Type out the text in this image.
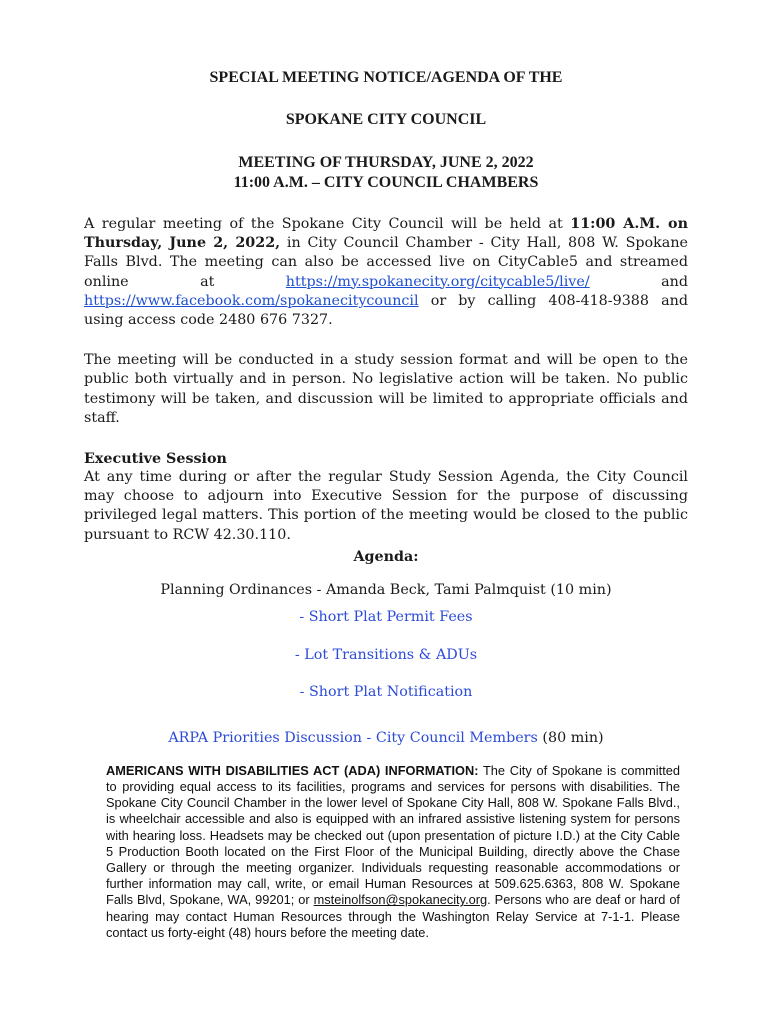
SPECIAL MEETING NOTICE/AGENDA OF THE

SPOKANE CITY COUNCIL

MEETING OF THURSDAY, JUNE 2, 2022

11:00 A.M. – CITY COUNCIL CHAMBERS

A regular meeting of the Spokane City Council will be held at 11:00 A.M. on Thursday, June 2, 2022, in City Council Chamber - City Hall, 808 W. Spokane Falls Blvd. The meeting can also be accessed live on CityCable5 and streamed online at https://my.spokanecity.org/citycable5/live/ and https://www.facebook.com/spokanecitycouncil or by calling 408-418-9388 and using access code 2480 676 7327.

The meeting will be conducted in a study session format and will be open to the public both virtually and in person. No legislative action will be taken. No public testimony will be taken, and discussion will be limited to appropriate officials and staff.

Executive Session

At any time during or after the regular Study Session Agenda, the City Council may choose to adjourn into Executive Session for the purpose of discussing privileged legal matters. This portion of the meeting would be closed to the public pursuant to RCW 42.30.110.

Agenda:

Planning Ordinances - Amanda Beck, Tami Palmquist (10 min)

- Short Plat Permit Fees

- Lot Transitions & ADUs

- Short Plat Notification

ARPA Priorities Discussion - City Council Members (80 min)

AMERICANS WITH DISABILITIES ACT (ADA) INFORMATION: The City of Spokane is committed to providing equal access to its facilities, programs and services for persons with disabilities. The Spokane City Council Chamber in the lower level of Spokane City Hall, 808 W. Spokane Falls Blvd., is wheelchair accessible and also is equipped with an infrared assistive listening system for persons with hearing loss. Headsets may be checked out (upon presentation of picture I.D.) at the City Cable 5 Production Booth located on the First Floor of the Municipal Building, directly above the Chase Gallery or through the meeting organizer. Individuals requesting reasonable accommodations or further information may call, write, or email Human Resources at 509.625.6363, 808 W. Spokane Falls Blvd, Spokane, WA, 99201; or msteinolfson@spokanecity.org. Persons who are deaf or hard of hearing may contact Human Resources through the Washington Relay Service at 7-1-1. Please contact us forty-eight (48) hours before the meeting date.
